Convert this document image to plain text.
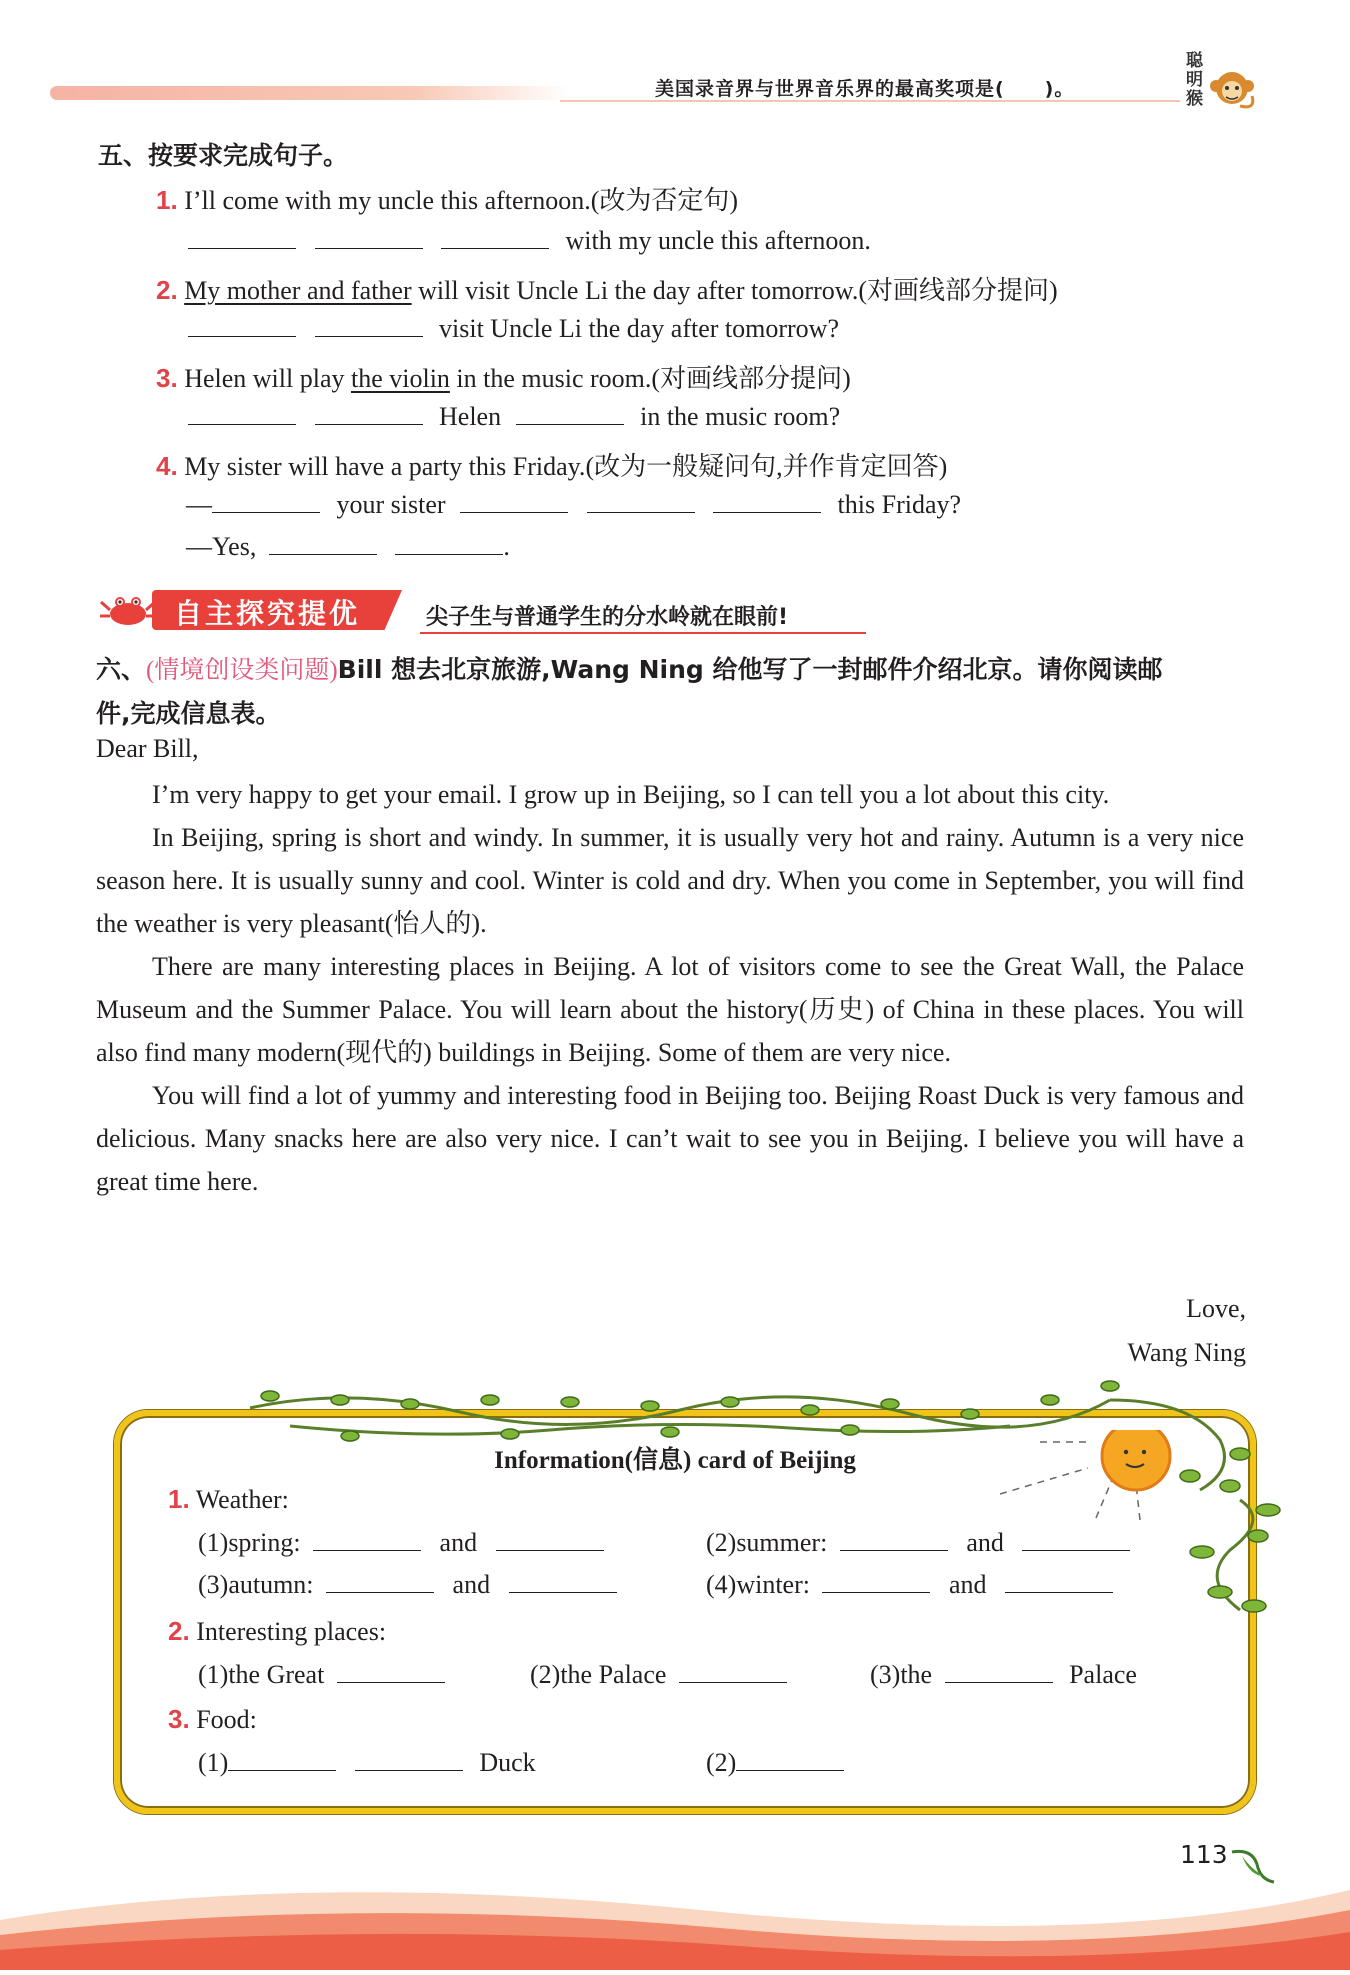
美国录音界与世界音乐界的最高奖项是(　　)。
聪明猴
五、按要求完成句子。
1. I’ll come with my uncle this afternoon.(改为否定句)
with my uncle this afternoon.
2. My mother and father will visit Uncle Li the day after tomorrow.(对画线部分提问)
visit Uncle Li the day after tomorrow?
3. Helen will play the violin in the music room.(对画线部分提问)
Helen	in the music room?
4. My sister will have a party this Friday.(改为一般疑问句,并作肯定回答)
—	your sister	this Friday?
—Yes,	.
自主探究提优	尖子生与普通学生的分水岭就在眼前!
六、(情境创设类问题)Bill 想去北京旅游,Wang Ning 给他写了一封邮件介绍北京。请你阅读邮
件,完成信息表。
Dear Bill,

I’m very happy to get your email. I grow up in Beijing, so I can tell you a lot about this city.

In Beijing, spring is short and windy. In summer, it is usually very hot and rainy. Autumn is a very nice season here. It is usually sunny and cool. Winter is cold and dry. When you come in September, you will find the weather is very pleasant(怡人的).

There are many interesting places in Beijing. A lot of visitors come to see the Great Wall, the Palace Museum and the Summer Palace. You will learn about the history(历史) of China in these places. You will also find many modern(现代的) buildings in Beijing. Some of them are very nice.

You will find a lot of yummy and interesting food in Beijing too. Beijing Roast Duck is very famous and delicious. Many snacks here are also very nice. I can’t wait to see you in Beijing. I believe you will have a great time here.

Love,
Wang Ning
Information(信息) card of Beijing
1. Weather:
(1)spring:	and	(2)summer:	and
(3)autumn:	and	(4)winter:	and
2. Interesting places:
(1)the Great	(2)the Palace	(3)the	Palace
3. Food:
(1)	Duck	(2)
113
